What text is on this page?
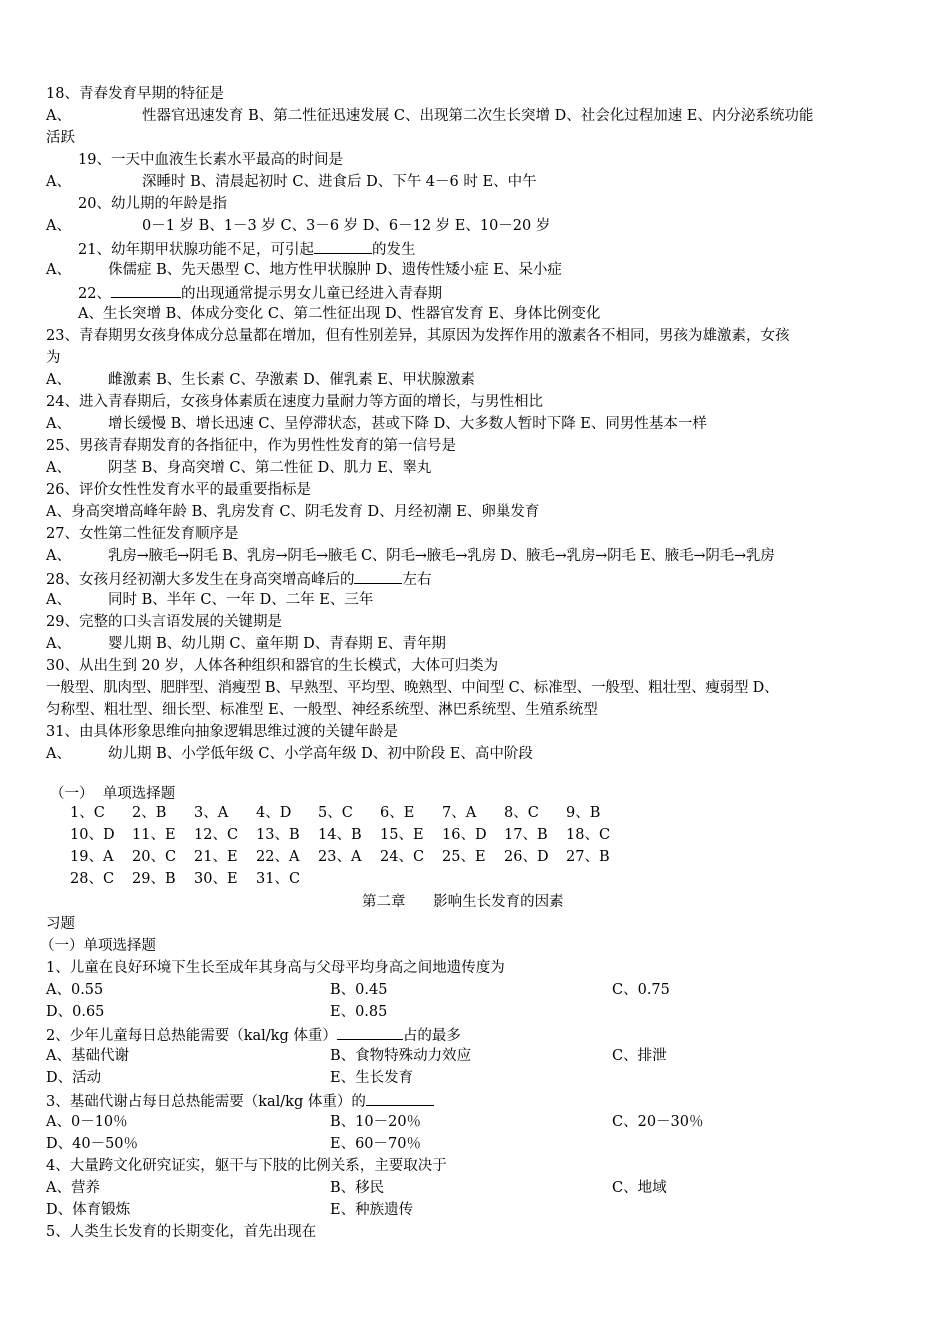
18、青春发育早期的特征是
A、	性器官迅速发育 B、第二性征迅速发展 C、出现第二次生长突增 D、社会化过程加速 E、内分泌系统功能
活跃
19、一天中血液生长素水平最高的时间是
A、	深睡时 B、清晨起初时 C、进食后 D、下午 4－6 时 E、中午
20、幼儿期的年龄是指
A、	0－1 岁 B、1－3 岁 C、3－6 岁 D、6－12 岁 E、10－20 岁
21、幼年期甲状腺功能不足，可引起	的发生
A、	侏儒症 B、先天愚型 C、地方性甲状腺肿 D、遗传性矮小症 E、呆小症
22、	的出现通常提示男女儿童已经进入青春期
A、生长突增 B、体成分变化 C、第二性征出现 D、性器官发育 E、身体比例变化
23、青春期男女孩身体成分总量都在增加，但有性别差异，其原因为发挥作用的激素各不相同，男孩为雄激素，女孩
为
A、	雌激素 B、生长素 C、孕激素 D、催乳素 E、甲状腺激素
24、进入青春期后，女孩身体素质在速度力量耐力等方面的增长，与男性相比
A、	增长缓慢 B、增长迅速 C、呈停滞状态，甚或下降 D、大多数人暂时下降 E、同男性基本一样
25、男孩青春期发育的各指征中，作为男性性发育的第一信号是
A、	阴茎 B、身高突增 C、第二性征 D、肌力 E、睾丸
26、评价女性性发育水平的最重要指标是
A、身高突增高峰年龄 B、乳房发育 C、阴毛发育 D、月经初潮 E、卵巢发育
27、女性第二性征发育顺序是
A、	乳房→腋毛→阴毛 B、乳房→阴毛→腋毛 C、阴毛→腋毛→乳房 D、腋毛→乳房→阴毛 E、腋毛→阴毛→乳房
28、女孩月经初潮大多发生在身高突增高峰后的	左右
A、	同时 B、半年 C、一年 D、二年 E、三年
29、完整的口头言语发展的关键期是
A、	婴儿期 B、幼儿期 C、童年期 D、青春期 E、青年期
30、从出生到 20 岁，人体各种组织和器官的生长模式，大体可归类为
一般型、肌肉型、肥胖型、消瘦型 B、早熟型、平均型、晚熟型、中间型 C、标准型、一般型、粗壮型、瘦弱型 D、
匀称型、粗壮型、细长型、标准型 E、一般型、神经系统型、淋巴系统型、生殖系统型
31、由具体形象思维向抽象逻辑思维过渡的关键年龄是
A、	幼儿期 B、小学低年级 C、小学高年级 D、初中阶段 E、高中阶段
（一）  单项选择题
1、C 2、B 3、A 4、D 5、C 6、E 7、A 8、C 9、B
10、D 11、E 12、C 13、B 14、B 15、E 16、D 17、B 18、C
19、A 20、C 21、E 22、A 23、A 24、C 25、E 26、D 27、B
28、C 29、B 30、E 31、C
第二章      影响生长发育的因素
习题
（一）单项选择题
1、儿童在良好环境下生长至成年其身高与父母平均身高之间地遗传度为
A、0.55	B、0.45	C、0.75
D、0.65	E、0.85
2、少年儿童每日总热能需要（kal/kg 体重）	占的最多
A、基础代谢	B、食物特殊动力效应	C、排泄
D、活动	E、生长发育
3、基础代谢占每日总热能需要（kal/kg 体重）的
A、0－10％	B、10－20％	C、20－30％
D、40－50％	E、60－70％
4、大量跨文化研究证实，躯干与下肢的比例关系，主要取决于
A、营养	B、移民	C、地域
D、体育锻炼	E、种族遗传
5、人类生长发育的长期变化，首先出现在
